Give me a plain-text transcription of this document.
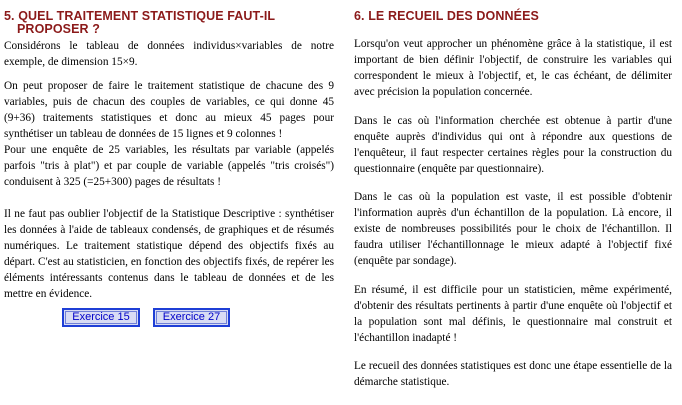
5. QUEL TRAITEMENT STATISTIQUE FAUT-IL
PROPOSER ?

Considérons le tableau de données individus×variables de notre exemple, de dimension 15×9.

On peut proposer de faire le traitement statistique de chacune des 9 variables, puis de chacun des couples de variables, ce qui donne 45 (9+36) traitements statistiques et donc au mieux 45 pages pour synthétiser un tableau de données de 15 lignes et 9 colonnes !

Pour une enquête de 25 variables, les résultats par variable (appelés parfois "tris à plat") et par couple de variable (appelés "tris croisés") conduisent à 325 (=25+300) pages de résultats !

Il ne faut pas oublier l'objectif de la Statistique Descriptive : synthétiser les données à l'aide de tableaux condensés, de graphiques et de résumés numériques. Le traitement statistique dépend des objectifs fixés au départ. C'est au statisticien, en fonction des objectifs fixés, de repérer les éléments intéressants contenus dans le tableau de données et de les mettre en évidence.

Exercice 15	Exercice 27
6. LE RECUEIL DES DONNÉES

Lorsqu'on veut approcher un phénomène grâce à la statistique, il est important de bien définir l'objectif, de construire les variables qui correspondent le mieux à l'objectif, et, le cas échéant, de délimiter avec précision la population concernée.

Dans le cas où l'information cherchée est obtenue à partir d'une enquête auprès d'individus qui ont à répondre aux questions de l'enquêteur, il faut respecter certaines règles pour la construction du questionnaire (enquête par questionnaire).

Dans le cas où la population est vaste, il est possible d'obtenir l'information auprès d'un échantillon de la population. Là encore, il existe de nombreuses possibilités pour le choix de l'échantillon. Il faudra utiliser l'échantillonnage le mieux adapté à l'objectif fixé (enquête par sondage).

En résumé, il est difficile pour un statisticien, même expérimenté, d'obtenir des résultats pertinents à partir d'une enquête où l'objectif et la population sont mal définis, le questionnaire mal construit et l'échantillon inadapté !

Le recueil des données statistiques est donc une étape essentielle de la démarche statistique.
